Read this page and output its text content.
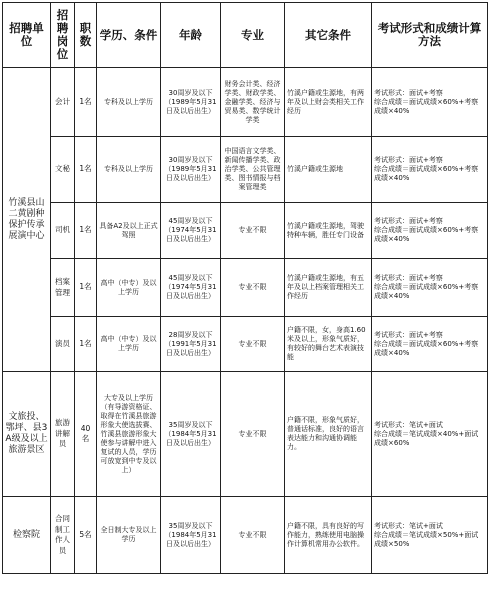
招聘单位	招聘岗位	职数	学历、条件	年龄	专业	其它条件	考试形式和成绩计算方法
竹溪县山二黄剧种保护传承展演中心	会计	1名	专科及以上学历	30周岁及以下（1989年5月31日及以后出生）	财务会计类、经济学类、财政学类、金融学类、经济与贸易类、数学统计学类	竹溪户籍或生源地，有两年及以上财会类相关工作经历	考试形式：面试+考察
综合成绩＝面试成绩×60%+考察成绩×40%
	文秘	1名	专科及以上学历	30周岁及以下（1989年5月31日及以后出生）	中国语言文学类、新闻传播学类、政治学类、公共管理类、图书情报与档案管理类	竹溪户籍或生源地	考试形式：面试+考察
综合成绩＝面试成绩×60%+考察成绩×40%
	司机	1名	具备A2及以上正式驾照	45周岁及以下（1974年5月31日及以后出生）	专业不限	竹溪户籍或生源地，驾驶特种车辆，胜任专门设备	考试形式：面试+考察
综合成绩＝面试成绩×60%+考察成绩×40%
	档案管理	1名	高中（中专）及以上学历	45周岁及以下（1974年5月31日及以后出生）	专业不限	竹溪户籍或生源地，有五年及以上档案管理相关工作经历	考试形式：面试+考察
综合成绩＝面试成绩×60%+考察成绩×40%
	演员	1名	高中（中专）及以上学历	28周岁及以下（1991年5月31日及以后出生）	专业不限	户籍不限，女，身高1.60米及以上，形象气质好，有较好的舞台艺术表演技能	考试形式：面试+考察
综合成绩＝面试成绩×60%+考察成绩×40%
文旅投、鄂坪、县3A级及以上旅游景区	旅游讲解员	40名	大专及以上学历（有导游资格证、取得在竹溪县旅游形象大使选拔赛、竹溪县旅游形象大使参与讲解中进入复试的人员，学历可放宽到中专及以上）	35周岁及以下（1984年5月31日及以后出生）	专业不限	户籍不限，形象气质好，普通话标准，良好的语言表达能力和沟通协调能力。	考试形式：笔试+面试
综合成绩＝笔试成绩×40%+面试成绩×60%
检察院	合同制工作人员	5名	全日制大专及以上学历	35周岁及以下（1984年5月31日及以后出生）	专业不限	户籍不限，具有良好的写作能力，熟练使用电脑操作计算机常用办公软件。	考试形式：笔试+面试
综合成绩＝笔试成绩×50%+面试成绩×50%
